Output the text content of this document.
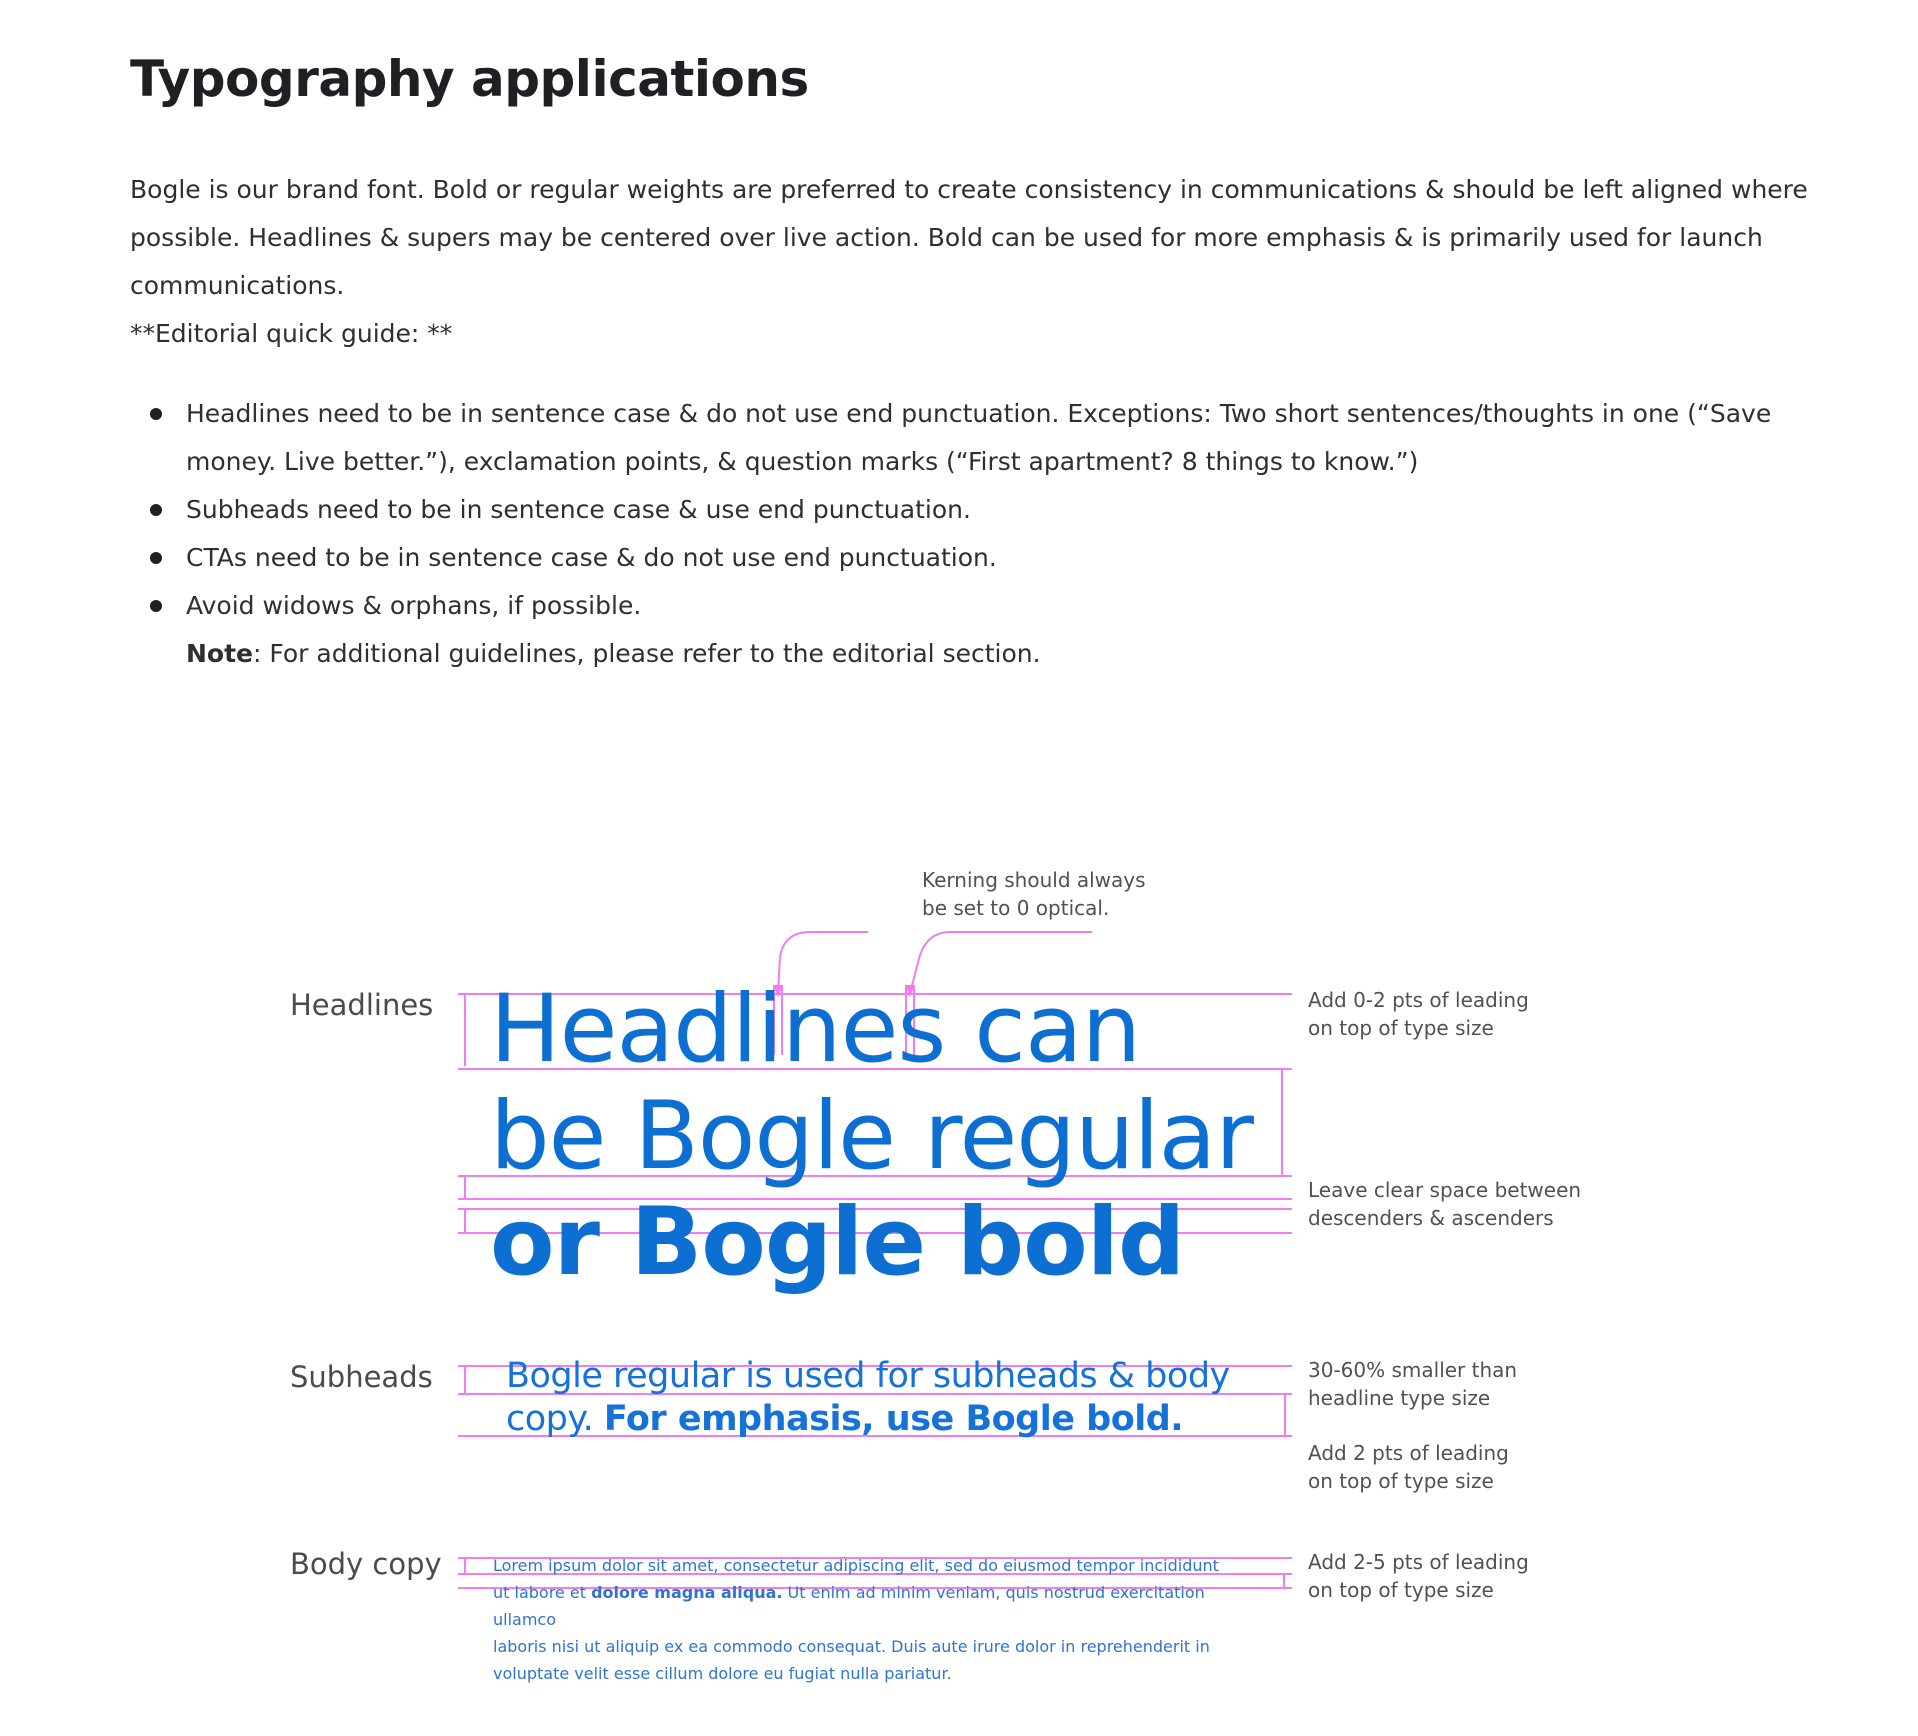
Typography applications

Bogle is our brand font. Bold or regular weights are preferred to create consistency in communications & should be left aligned where possible. Headlines & supers may be centered over live action. Bold can be used for more emphasis & is primarily used for launch communications.

**Editorial quick guide: **

Headlines need to be in sentence case & do not use end punctuation. Exceptions: Two short sentences/thoughts in one (“Save money. Live better.”), exclamation points, & question marks (“First apartment? 8 things to know.”)
Subheads need to be in sentence case & use end punctuation.
CTAs need to be in sentence case & do not use end punctuation.
Avoid widows & orphans, if possible.
Note: For additional guidelines, please refer to the editorial section.
Kerning should always
be set to 0 optical.
Headlines Headlines can
be Bogle regular
or Bogle bold
Add 0-2 pts of leading
on top of type size
Leave clear space between
descenders & ascenders
Subheads Bogle regular is used for subheads & body
copy. For emphasis, use Bogle bold.
30-60% smaller than
headline type size
Add 2 pts of leading
on top of type size
Body copy	Lorem ipsum dolor sit amet, consectetur adipiscing elit, sed do eiusmod tempor incididunt
ut labore et dolore magna aliqua. Ut enim ad minim veniam, quis nostrud exercitation ullamco
laboris nisi ut aliquip ex ea commodo consequat. Duis aute irure dolor in reprehenderit in
voluptate velit esse cillum dolore eu fugiat nulla pariatur.
Add 2-5 pts of leading
on top of type size
